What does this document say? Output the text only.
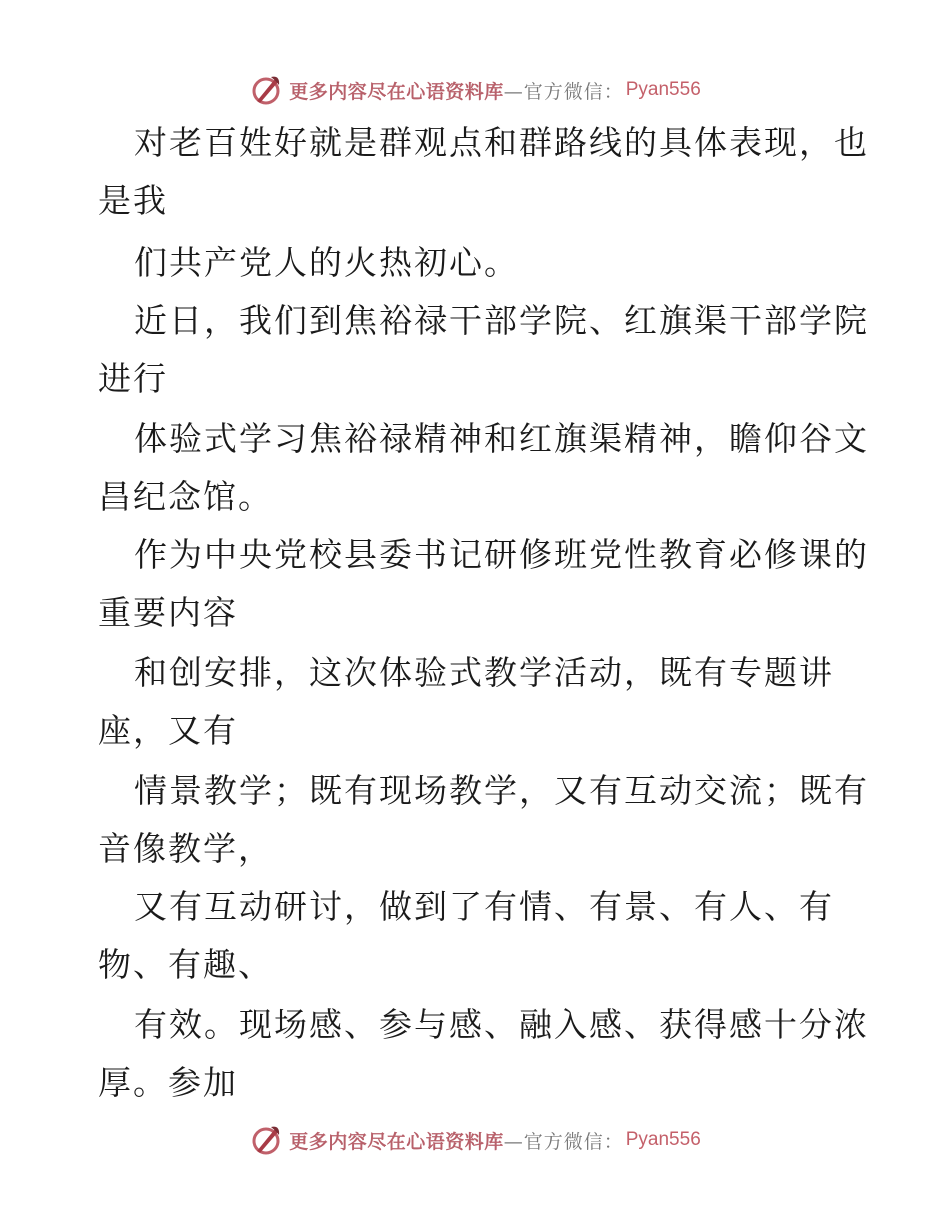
更多内容尽在心语资料库 —官方微信： Pyan556
对老百姓好就是群观点和群路线的具体表现，也
是我
们共产党人的火热初心。
近日，我们到焦裕禄干部学院、红旗渠干部学院
进行
体验式学习焦裕禄精神和红旗渠精神，瞻仰谷文
昌纪念馆。
作为中央党校县委书记研修班党性教育必修课的
重要内容
和创安排，这次体验式教学活动，既有专题讲
座，又有
情景教学；既有现场教学，又有互动交流；既有
音像教学，
又有互动研讨，做到了有情、有景、有人、有
物、有趣、
有效。现场感、参与感、融入感、获得感十分浓
厚。参加
更多内容尽在心语资料库 —官方微信： Pyan556
